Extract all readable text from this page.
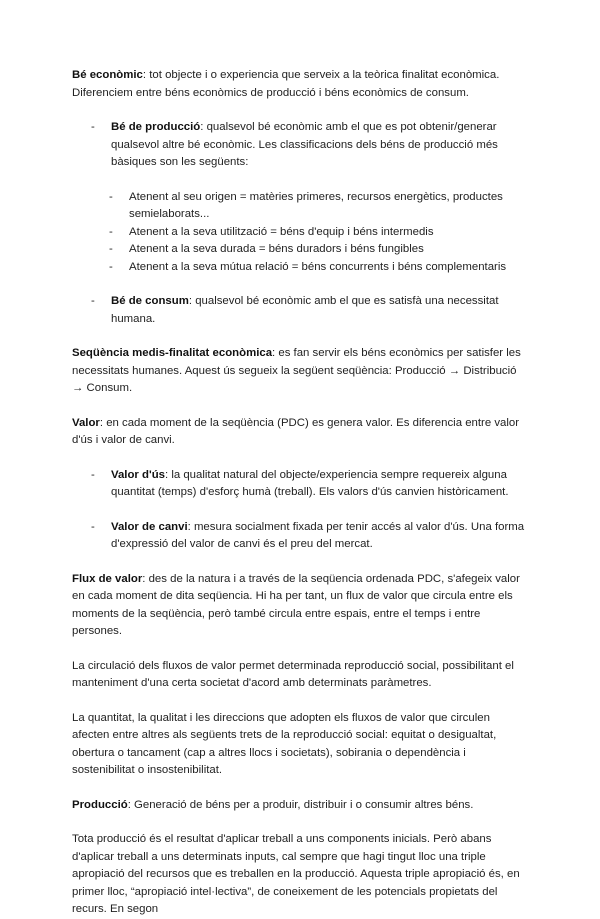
Bé econòmic: tot objecte i o experiencia que serveix a la teòrica finalitat econòmica. Diferenciem entre béns econòmics de producció i béns econòmics de consum.

- Bé de producció: qualsevol bé econòmic amb el que es pot obtenir/generar qualsevol altre bé econòmic. Les classificacions dels béns de producció més bàsiques son les següents:
- Atenent al seu origen = matèries primeres, recursos energètics, productes semielaborats...
- Atenent a la seva utilització = béns d'equip i béns intermedis
- Atenent a la seva durada = béns duradors i béns fungibles
- Atenent a la seva mútua relació = béns concurrents i béns complementaris
- Bé de consum: qualsevol bé econòmic amb el que es satisfà una necessitat humana.

Seqüència medis-finalitat econòmica: es fan servir els béns econòmics per satisfer les necessitats humanes. Aquest ús segueix la següent seqüència: Producció → Distribució → Consum.

Valor: en cada moment de la seqüència (PDC) es genera valor. Es diferencia entre valor d'ús i valor de canvi.

- Valor d'ús: la qualitat natural del objecte/experiencia sempre requereix alguna quantitat (temps) d'esforç humà (treball). Els valors d'ús canvien històricament.
- Valor de canvi: mesura socialment fixada per tenir accés al valor d'ús. Una forma d'expressió del valor de canvi és el preu del mercat.

Flux de valor: des de la natura i a través de la seqüencia ordenada PDC, s'afegeix valor en cada moment de dita seqüencia. Hi ha per tant, un flux de valor que circula entre els moments de la seqüència, però també circula entre espais, entre el temps i entre persones.

La circulació dels fluxos de valor permet determinada reproducció social, possibilitant el manteniment d'una certa societat d'acord amb determinats paràmetres.

La quantitat, la qualitat i les direccions que adopten els fluxos de valor que circulen afecten entre altres als següents trets de la reproducció social: equitat o desigualtat, obertura o tancament (cap a altres llocs i societats), sobirania o dependència i sostenibilitat o insostenibilitat.

Producció: Generació de béns per a produir, distribuir i o consumir altres béns.

Tota producció és el resultat d'aplicar treball a uns components inicials. Però abans d'aplicar treball a uns determinats inputs, cal sempre que hagi tingut lloc una triple apropiació del recursos que es treballen en la producció. Aquesta triple apropiació és, en primer lloc, “apropiació intel·lectiva”, de coneixement de les potencials propietats del recurs. En segon
